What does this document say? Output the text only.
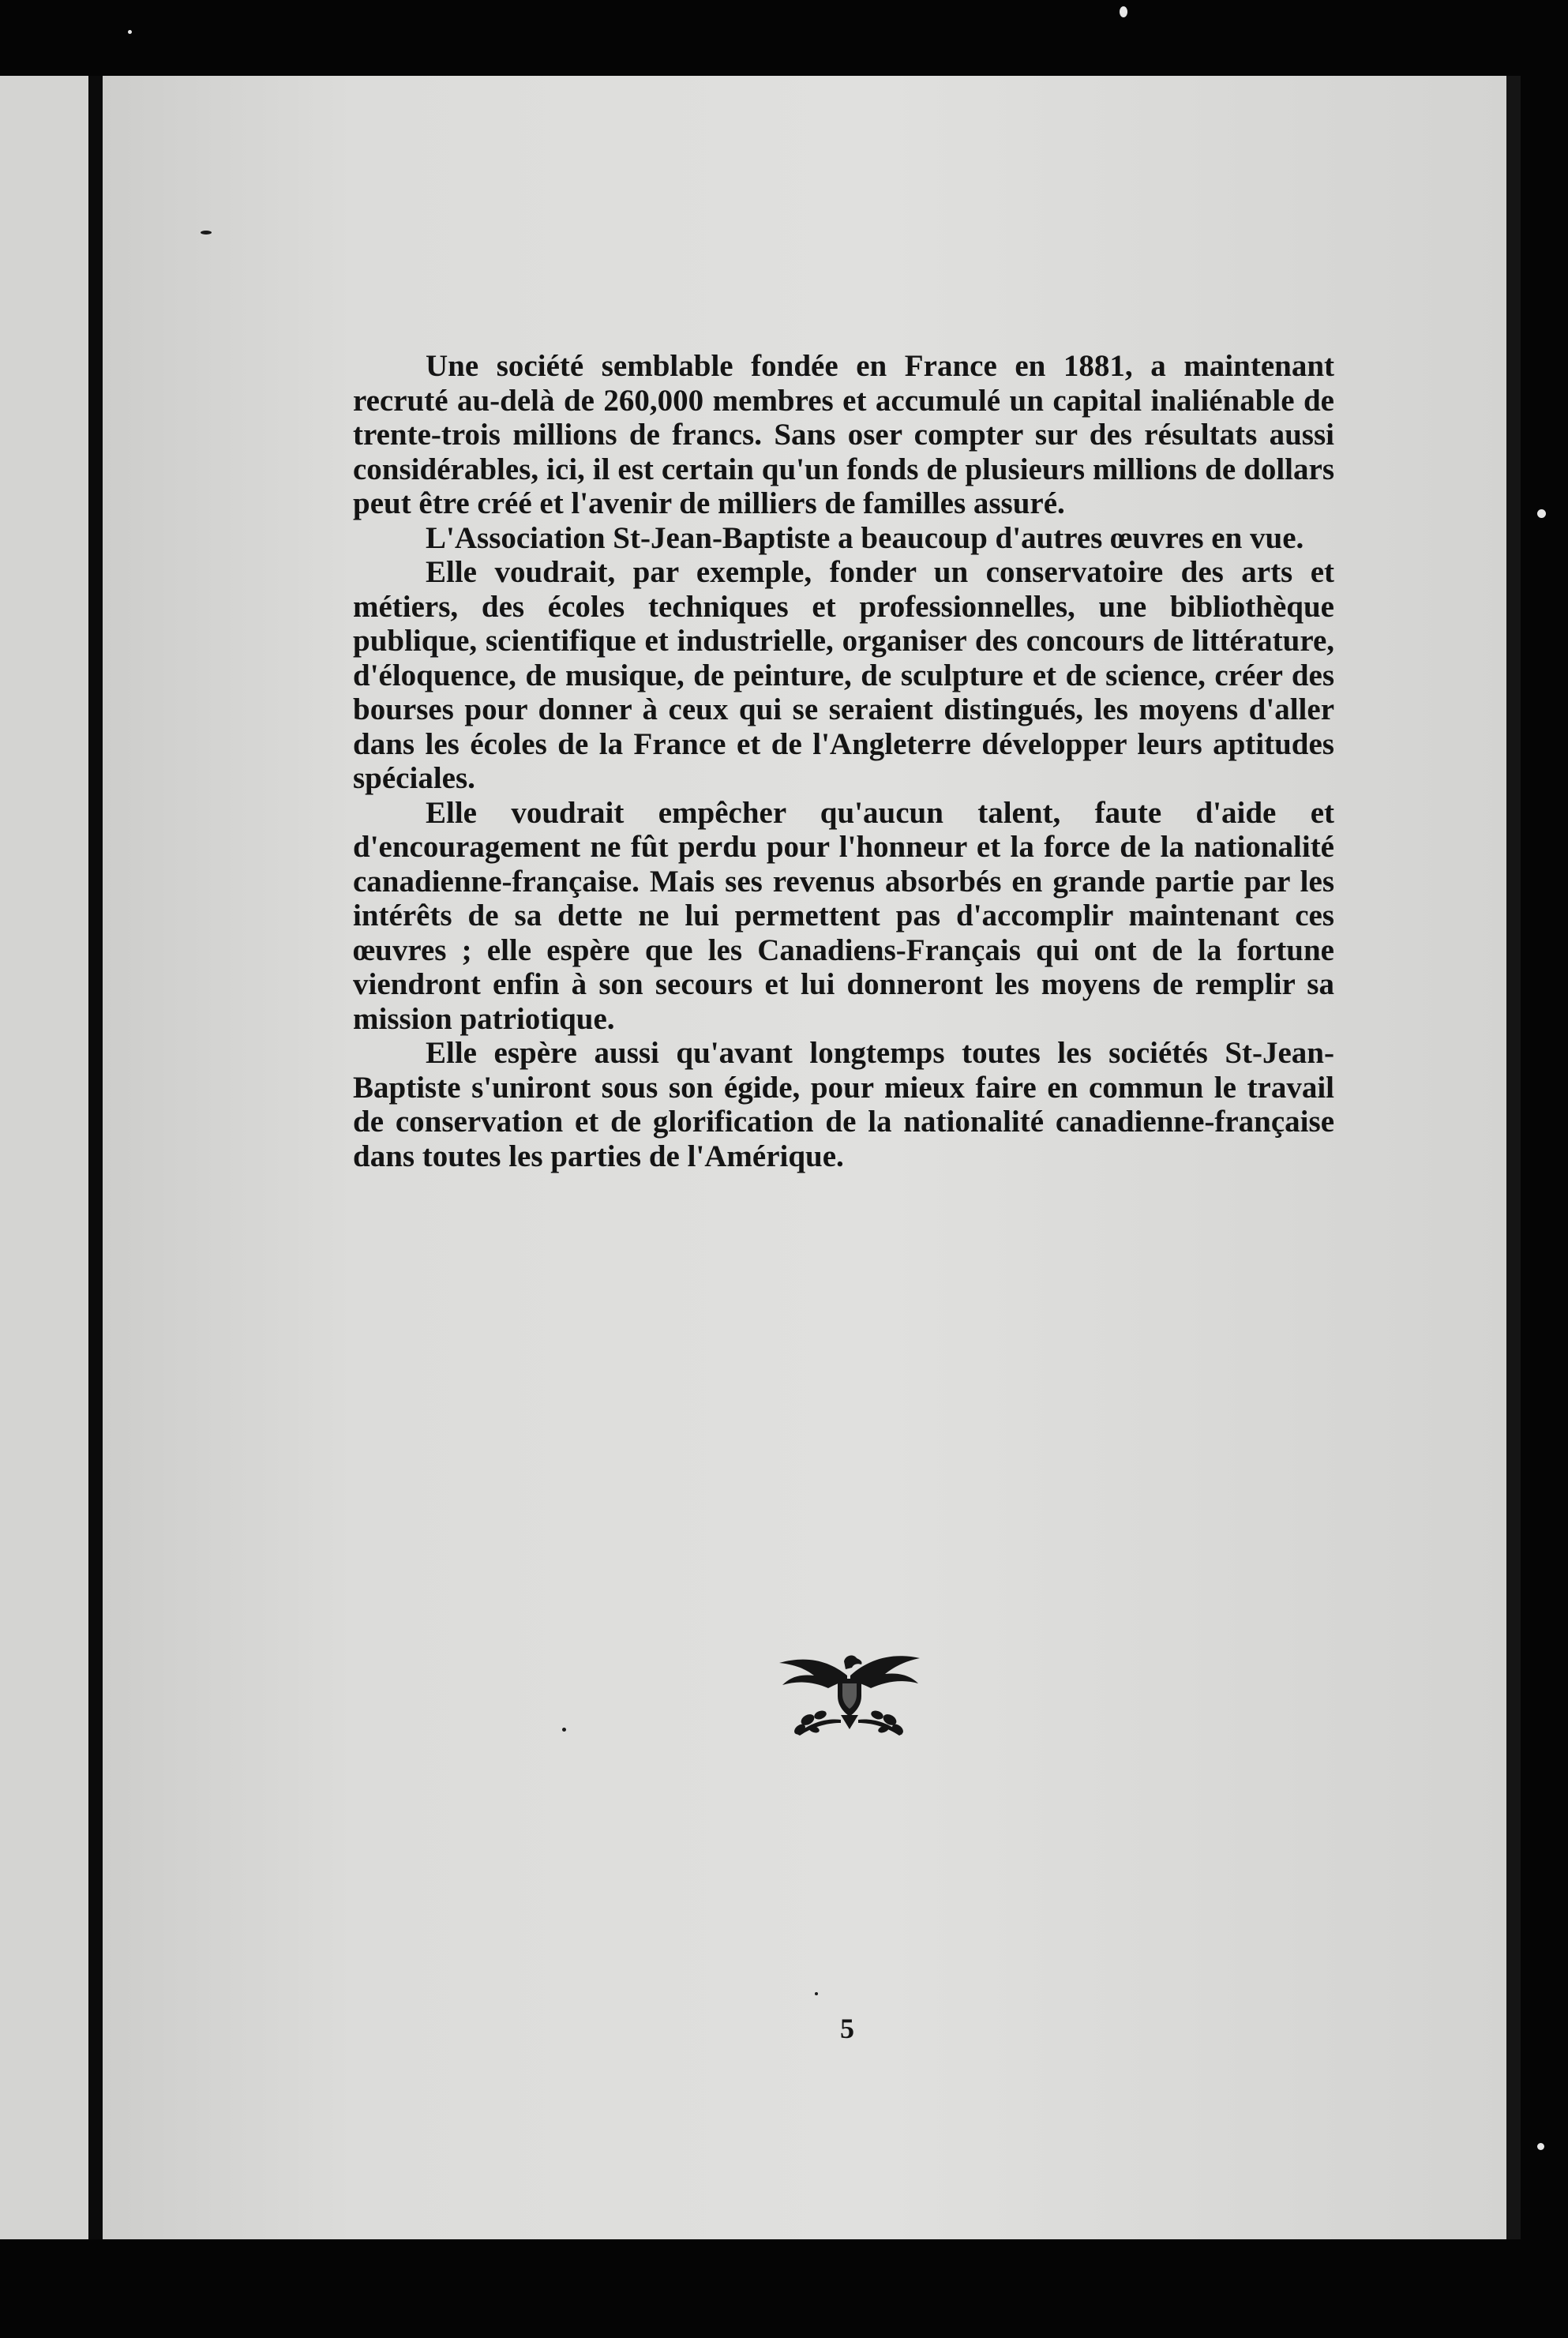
Une société semblable fondée en France en 1881, a maintenant recruté au-delà de 260,000 membres et accumulé un capital inaliénable de trente-trois millions de francs. Sans oser compter sur des résultats aussi considérables, ici, il est certain qu'un fonds de plusieurs millions de dollars peut être créé et l'avenir de milliers de familles assuré.

L'Association St-Jean-Baptiste a beaucoup d'autres œuvres en vue.

Elle voudrait, par exemple, fonder un conservatoire des arts et métiers, des écoles techniques et professionnelles, une bibliothèque publique, scientifique et industrielle, organiser des concours de littérature, d'éloquence, de musique, de peinture, de sculpture et de science, créer des bourses pour donner à ceux qui se seraient distingués, les moyens d'aller dans les écoles de la France et de l'Angleterre développer leurs aptitudes spéciales.

Elle voudrait empêcher qu'aucun talent, faute d'aide et d'encouragement ne fût perdu pour l'honneur et la force de la nationalité canadienne-française. Mais ses revenus absorbés en grande partie par les intérêts de sa dette ne lui permettent pas d'accomplir maintenant ces œuvres ; elle espère que les Canadiens-Français qui ont de la fortune viendront enfin à son secours et lui donneront les moyens de remplir sa mission patriotique.

Elle espère aussi qu'avant longtemps toutes les sociétés St-Jean-Baptiste s'uniront sous son égide, pour mieux faire en commun le travail de conservation et de glorification de la nationalité canadienne-française dans toutes les parties de l'Amérique.

5
